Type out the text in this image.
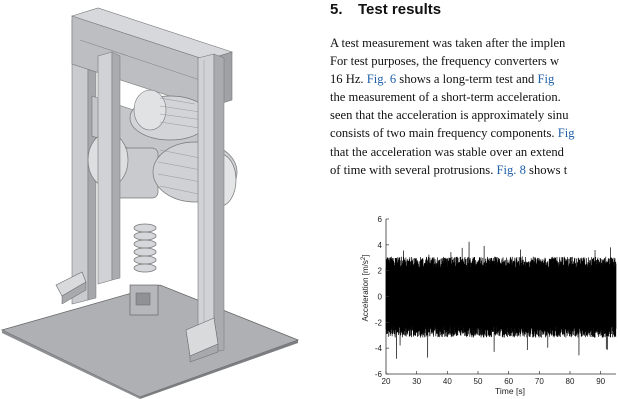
5. Test results
A test measurement was taken after the implen
For test purposes, the frequency converters w
16 Hz. Fig. 6 shows a long-term test and Fig
the measurement of a short-term acceleration.
seen that the acceleration is approximately sinu
consists of two main frequency components. Fig
that the acceleration was stable over an extend
of time with several protrusions. Fig. 8 shows t
20	30	40	50	60	70	80	90
-6
-4
-2
0
2
4
6
Time [s]
Acceleration $[m/s^2]$
